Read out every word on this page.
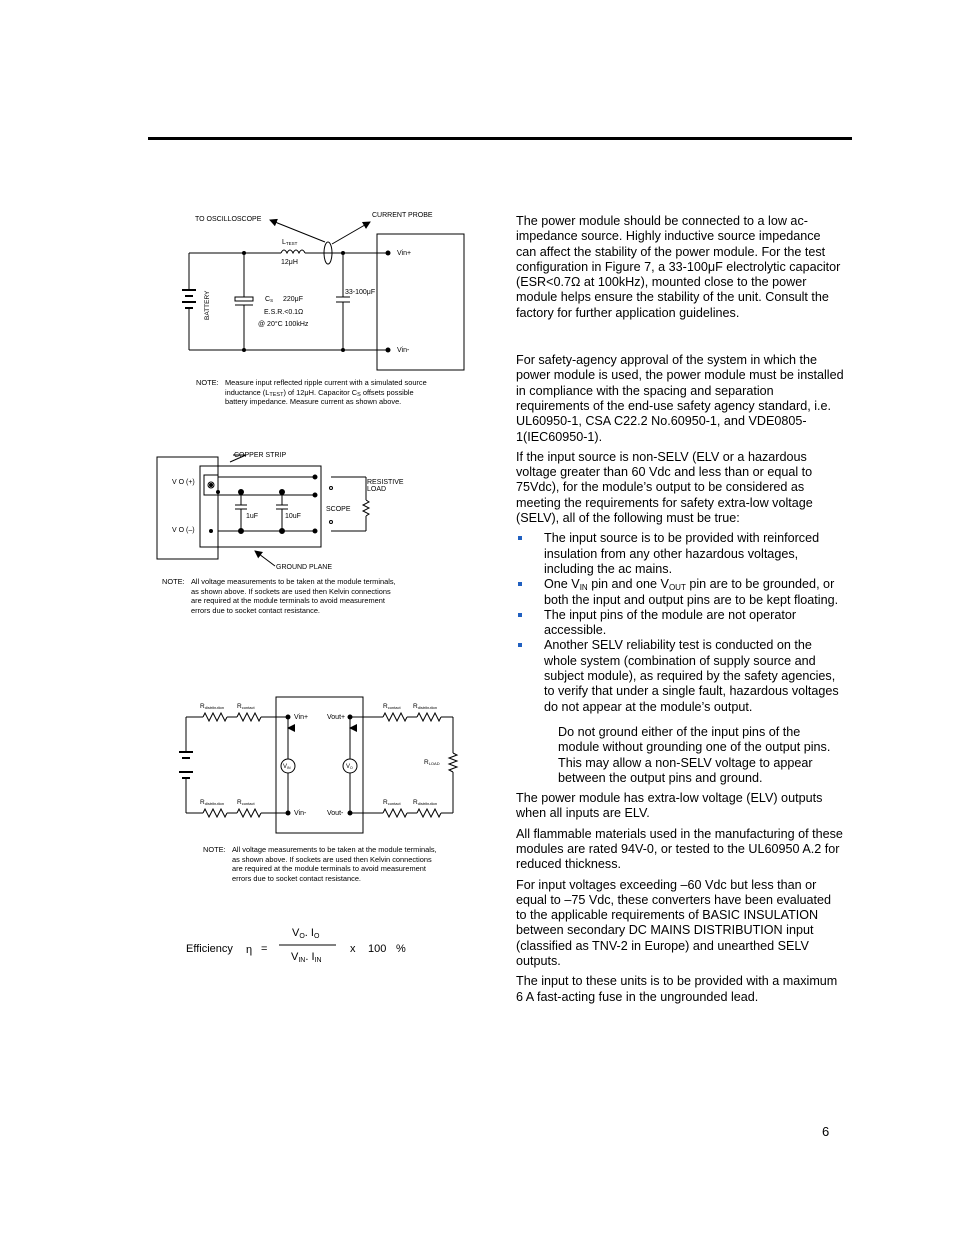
TO OSCILLOSCOPE
CURRENT PROBE
LTEST
12μH
BATTERY	CS 220μF
E.S.R.<0.1Ω
@ 20°C 100kHz
33-100μF
Vin+
Vin-
COPPER STRIP
V O (+)
V O (–)
1uF	10uF
SCOPE
RESISTIVE
LOAD
GROUND PLANE
Rdistribution Rcontact	Rcontact Rdistribution
Rdistribution Rcontact	Rcontact Rdistribution
RLOAD
Vin+
Vin-
Vout+
Vout-
VIN	VO
Efficiency η =
VO. IO
VIN. IIN
x 100 %
NOTE: Measure input reflected ripple current with a simulated source inductance $(L_{TEST})$ of 12μH. Capacitor $C_S$ offsets possible battery impedance. Measure current as shown above.
NOTE: All voltage measurements to be taken at the module terminals, as shown above. If sockets are used then Kelvin connections are required at the module terminals to avoid measurement errors due to socket contact resistance.
NOTE: All voltage measurements to be taken at the module terminals, as shown above. If sockets are used then Kelvin connections are required at the module terminals to avoid measurement errors due to socket contact resistance.

The power module should be connected to a low ac-impedance source. Highly inductive source impedance can affect the stability of the power module. For the test configuration in Figure 7, a 33-100μF electrolytic capacitor (ESR<0.7Ω at 100kHz), mounted close to the power module helps ensure the stability of the unit. Consult the factory for further application guidelines.

For safety-agency approval of the system in which the power module is used, the power module must be installed in compliance with the spacing and separation requirements of the end-use safety agency standard, i.e. UL60950-1, CSA C22.2 No.60950-1, and VDE0805-1(IEC60950-1).

If the input source is non-SELV (ELV or a hazardous voltage greater than 60 Vdc and less than or equal to 75Vdc), for the module’s output to be considered as meeting the requirements for safety extra-low voltage (SELV), all of the following must be true:

The input source is to be provided with reinforced insulation from any other hazardous voltages, including the ac mains.
One $V_{IN}$ pin and one $V_{OUT}$ pin are to be grounded, or both the input and output pins are to be kept floating.
The input pins of the module are not operator accessible.
Another SELV reliability test is conducted on the whole system (combination of supply source and subject module), as required by the safety agencies, to verify that under a single fault, hazardous voltages do not appear at the module’s output.

Do not ground either of the input pins of the module without grounding one of the output pins. This may allow a non-SELV voltage to appear between the output pins and ground.

The power module has extra-low voltage (ELV) outputs when all inputs are ELV.

All flammable materials used in the manufacturing of these modules are rated 94V-0, or tested to the UL60950 A.2 for reduced thickness.

For input voltages exceeding –60 Vdc but less than or equal to –75 Vdc, these converters have been evaluated to the applicable requirements of BASIC INSULATION between secondary DC MAINS DISTRIBUTION input (classified as TNV-2 in Europe) and unearthed SELV outputs.

The input to these units is to be provided with a maximum 6 A fast-acting fuse in the ungrounded lead.

6
